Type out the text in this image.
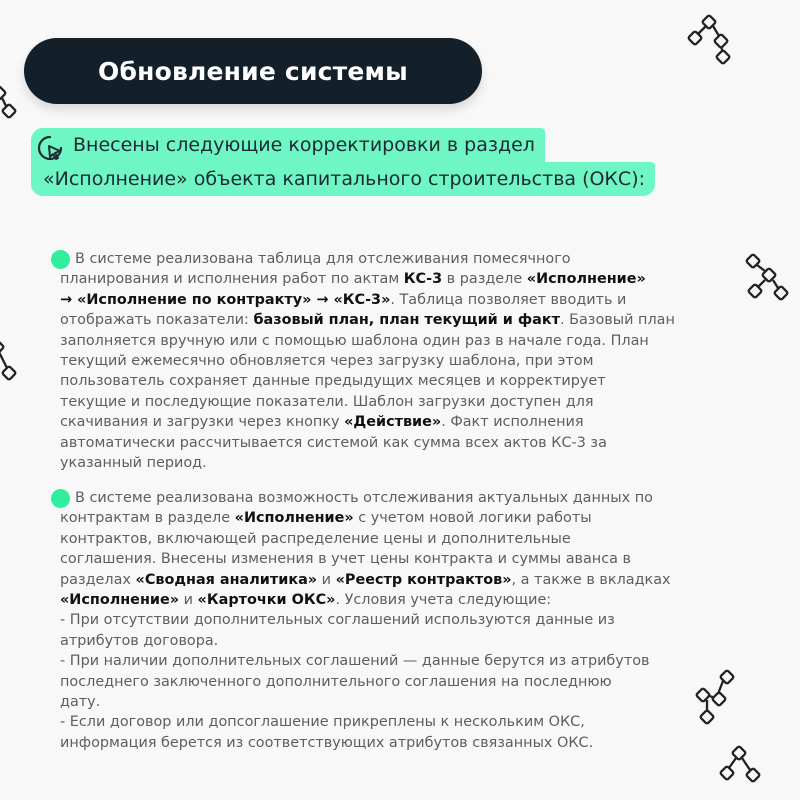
Обновление системы
Внесены следующие корректировки в раздел
«Исполнение» объекта капитального строительства (ОКС):
В системе реализована таблица для отслеживания помесячного
планирования и исполнения работ по актам КС-3 в разделе «Исполнение»
→ «Исполнение по контракту» → «КС-3». Таблица позволяет вводить и
отображать показатели: базовый план, план текущий и факт. Базовый план
заполняется вручную или с помощью шаблона один раз в начале года. План
текущий ежемесячно обновляется через загрузку шаблона, при этом
пользователь сохраняет данные предыдущих месяцев и корректирует
текущие и последующие показатели. Шаблон загрузки доступен для
скачивания и загрузки через кнопку «Действие». Факт исполнения
автоматически рассчитывается системой как сумма всех актов КС-3 за
указанный период.
В системе реализована возможность отслеживания актуальных данных по
контрактам в разделе «Исполнение» с учетом новой логики работы
контрактов, включающей распределение цены и дополнительные
соглашения. Внесены изменения в учет цены контракта и суммы аванса в
разделах «Сводная аналитика» и «Реестр контрактов», а также в вкладках
«Исполнение» и «Карточки ОКС». Условия учета следующие:
- При отсутствии дополнительных соглашений используются данные из
атрибутов договора.
- При наличии дополнительных соглашений — данные берутся из атрибутов
последнего заключенного дополнительного соглашения на последнюю
дату.
- Если договор или допсоглашение прикреплены к нескольким ОКС,
информация берется из соответствующих атрибутов связанных ОКС.
